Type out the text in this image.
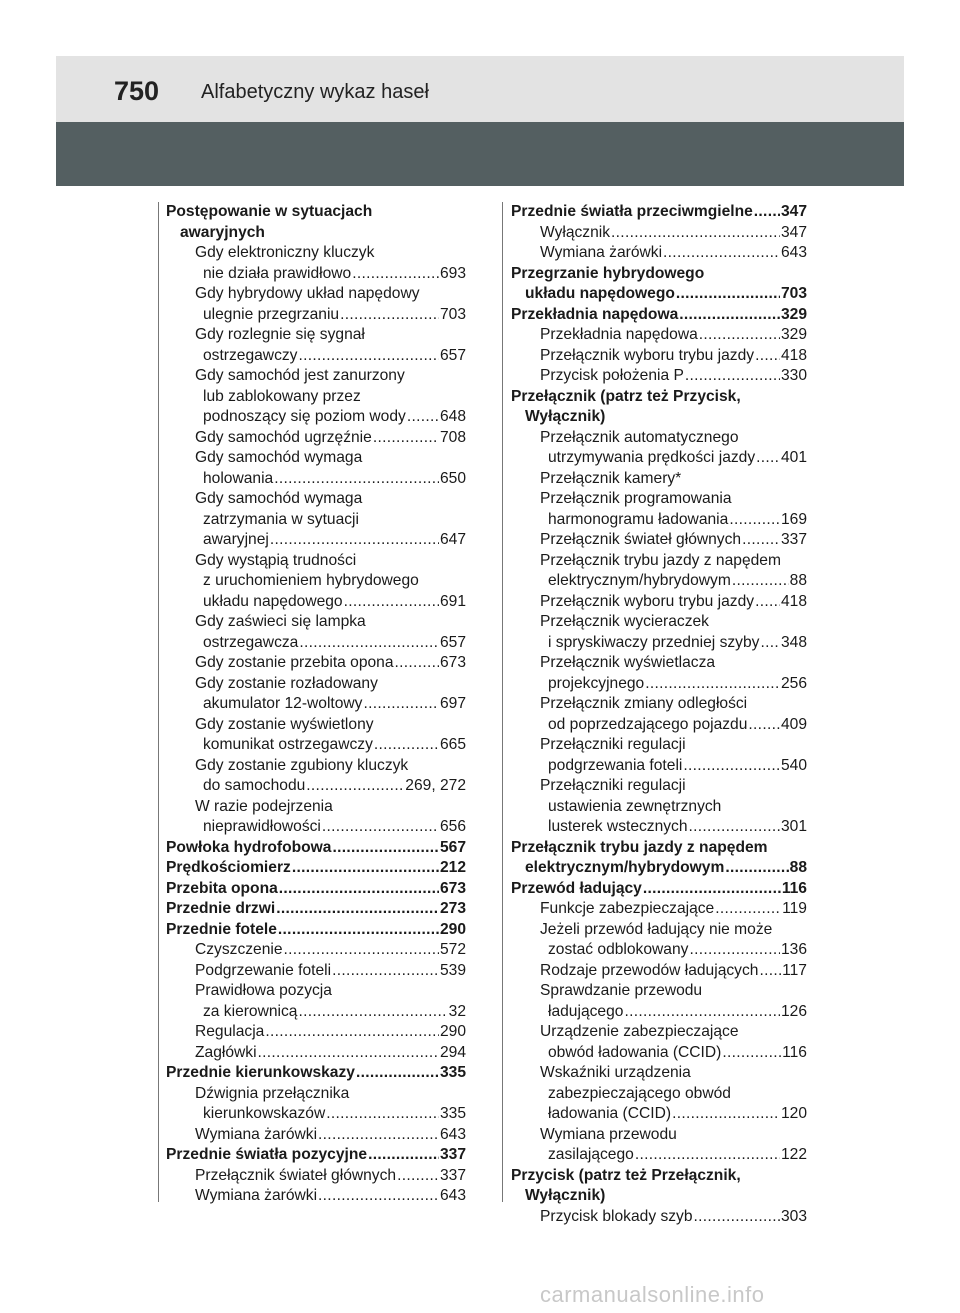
750 Alfabetyczny wykaz haseł
Postępowanie w sytuacjach
awaryjnych
Gdy elektroniczny kluczyk
nie działa prawidłowo .....	693
Gdy hybrydowy układ napędowy
ulegnie przegrzaniu .....	703
Gdy rozlegnie się sygnał
ostrzegawczy .....	657
Gdy samochód jest zanurzony
lub zablokowany przez
podnoszący się poziom wody ..... 648
Gdy samochód ugrzęźnie .....	708
Gdy samochód wymaga
holowania .....	650
Gdy samochód wymaga
zatrzymania w sytuacji
awaryjnej .....	647
Gdy wystąpią trudności
z uruchomieniem hybrydowego
układu napędowego .....	691
Gdy zaświeci się lampka
ostrzegawcza .....	657
Gdy zostanie przebita opona .....	673
Gdy zostanie rozładowany
akumulator 12-woltowy .....	697
Gdy zostanie wyświetlony
komunikat ostrzegawczy .....	665
Gdy zostanie zgubiony kluczyk
do samochodu .....	269, 272
W razie podejrzenia
nieprawidłowości .....	656
Powłoka hydrofobowa .....	567
Prędkościomierz .....	212
Przebita opona .....	673
Przednie drzwi .....	273
Przednie fotele .....	290
Czyszczenie .....	572
Podgrzewanie foteli .....	539
Prawidłowa pozycja
za kierownicą .....	32
Regulacja .....	290
Zagłówki .....	294
Przednie kierunkowskazy .....	335
Dźwignia przełącznika
kierunkowskazów .....	335
Wymiana żarówki .....	643
Przednie światła pozycyjne .....	337
Przełącznik świateł głównych .....	337
Wymiana żarówki .....	643
Przednie światła przeciwmgielne ..... 347
Wyłącznik .....	347
Wymiana żarówki .....	643
Przegrzanie hybrydowego
układu napędowego .....	703
Przekładnia napędowa .....	329
Przekładnia napędowa .....	329
Przełącznik wyboru trybu jazdy ..... 418
Przycisk położenia P .....	330
Przełącznik (patrz też Przycisk,
Wyłącznik)
Przełącznik automatycznego
utrzymywania prędkości jazdy ..... 401
Przełącznik kamery*
Przełącznik programowania
harmonogramu ładowania .....	169
Przełącznik świateł głównych .....	337
Przełącznik trybu jazdy z napędem
elektrycznym/hybrydowym .....	88
Przełącznik wyboru trybu jazdy ..... 418
Przełącznik wycieraczek
i spryskiwaczy przedniej szyby ..... 348
Przełącznik wyświetlacza
projekcyjnego .....	256
Przełącznik zmiany odległości
od poprzedzającego pojazdu ..... 409
Przełączniki regulacji
podgrzewania foteli .....	540
Przełączniki regulacji
ustawienia zewnętrznych
lusterek wstecznych .....	301
Przełącznik trybu jazdy z napędem
elektrycznym/hybrydowym .....	88
Przewód ładujący .....	116
Funkcje zabezpieczające .....	119
Jeżeli przewód ładujący nie może
zostać odblokowany .....	136
Rodzaje przewodów ładujących ..... 117
Sprawdzanie przewodu
ładującego .....	126
Urządzenie zabezpieczające
obwód ładowania (CCID) .....	116
Wskaźniki urządzenia
zabezpieczającego obwód
ładowania (CCID) .....	120
Wymiana przewodu
zasilającego .....	122
Przycisk (patrz też Przełącznik,
Wyłącznik)
Przycisk blokady szyb .....	303
carmanualsonline.info
